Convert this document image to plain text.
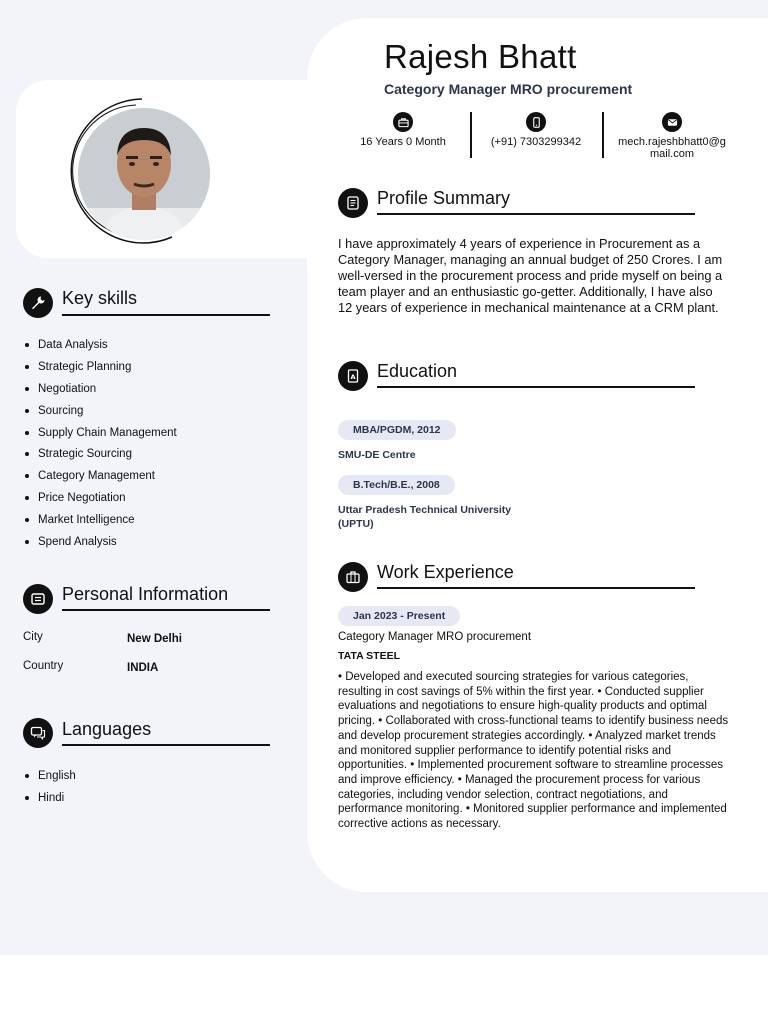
Rajesh Bhatt
Category Manager MRO procurement
16 Years 0 Month	(+91) 7303299342	mech.rajeshbhatt0@g
mail.com
Key skills
Data Analysis
Strategic Planning
Negotiation
Sourcing
Supply Chain Management
Strategic Sourcing
Category Management
Price Negotiation
Market Intelligence
Spend Analysis
Personal Information
City	New Delhi
Country	INDIA
Languages
English
Hindi
Profile Summary
I have approximately 4 years of experience in Procurement as a Category Manager, managing an annual budget of 250 Crores. I am well-versed in the procurement process and pride myself on being a team player and an enthusiastic go-getter. Additionally, I have also 12 years of experience in mechanical maintenance at a CRM plant.
A Education
MBA/PGDM, 2012
SMU-DE Centre
B.Tech/B.E., 2008
Uttar Pradesh Technical University
(UPTU)
Work Experience
Jan 2023 - Present
Category Manager MRO procurement
TATA STEEL
• Developed and executed sourcing strategies for various categories, resulting in cost savings of 5% within the first year. • Conducted supplier evaluations and negotiations to ensure high-quality products and optimal pricing. • Collaborated with cross-functional teams to identify business needs and develop procurement strategies accordingly. • Analyzed market trends and monitored supplier performance to identify potential risks and opportunities. • Implemented procurement software to streamline processes and improve efficiency. • Managed the procurement process for various categories, including vendor selection, contract negotiations, and performance monitoring. • Monitored supplier performance and implemented corrective actions as necessary.
